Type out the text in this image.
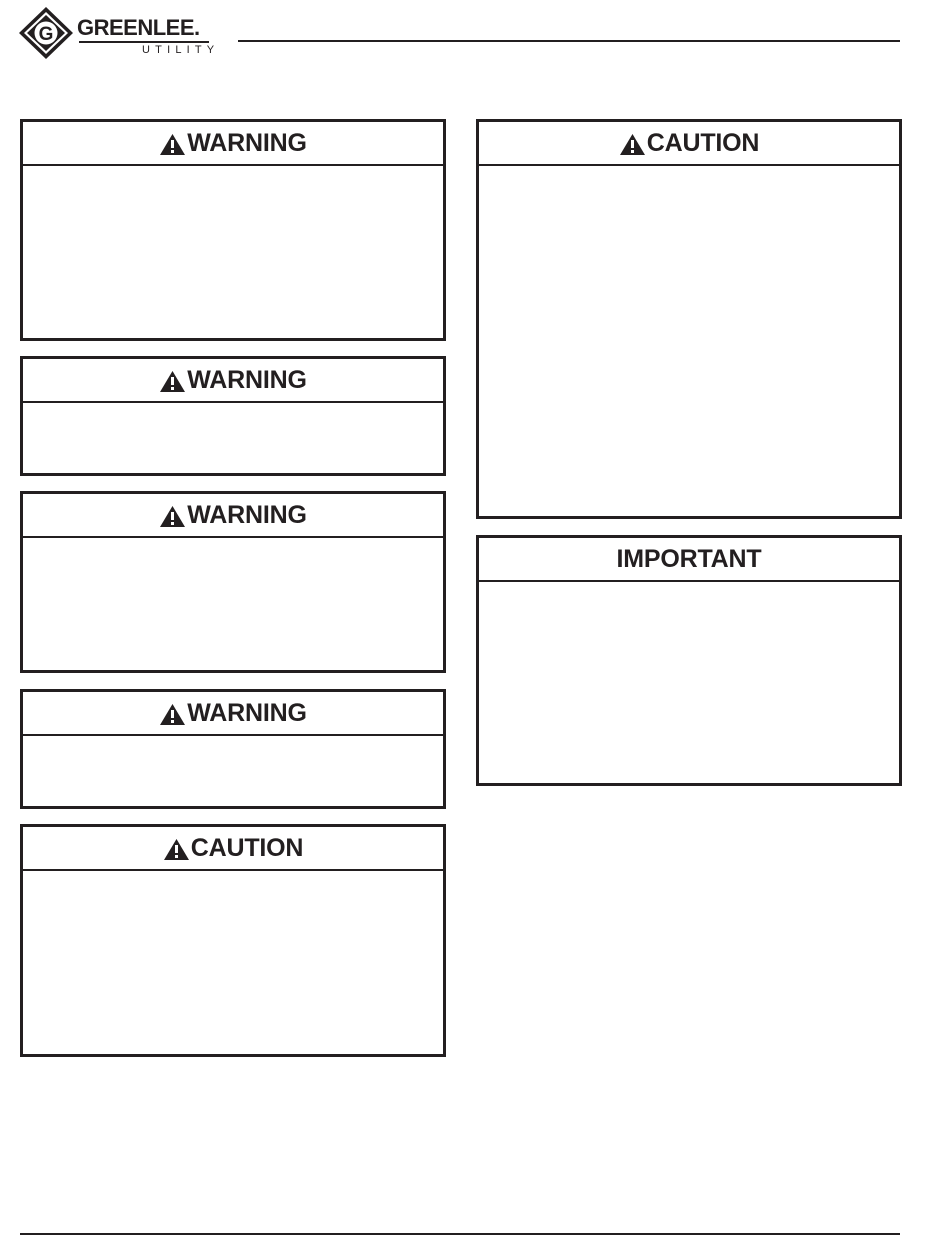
G GREENLEE.
UTILITY
WARNING
WARNING
WARNING
WARNING
CAUTION
CAUTION
IMPORTANT
